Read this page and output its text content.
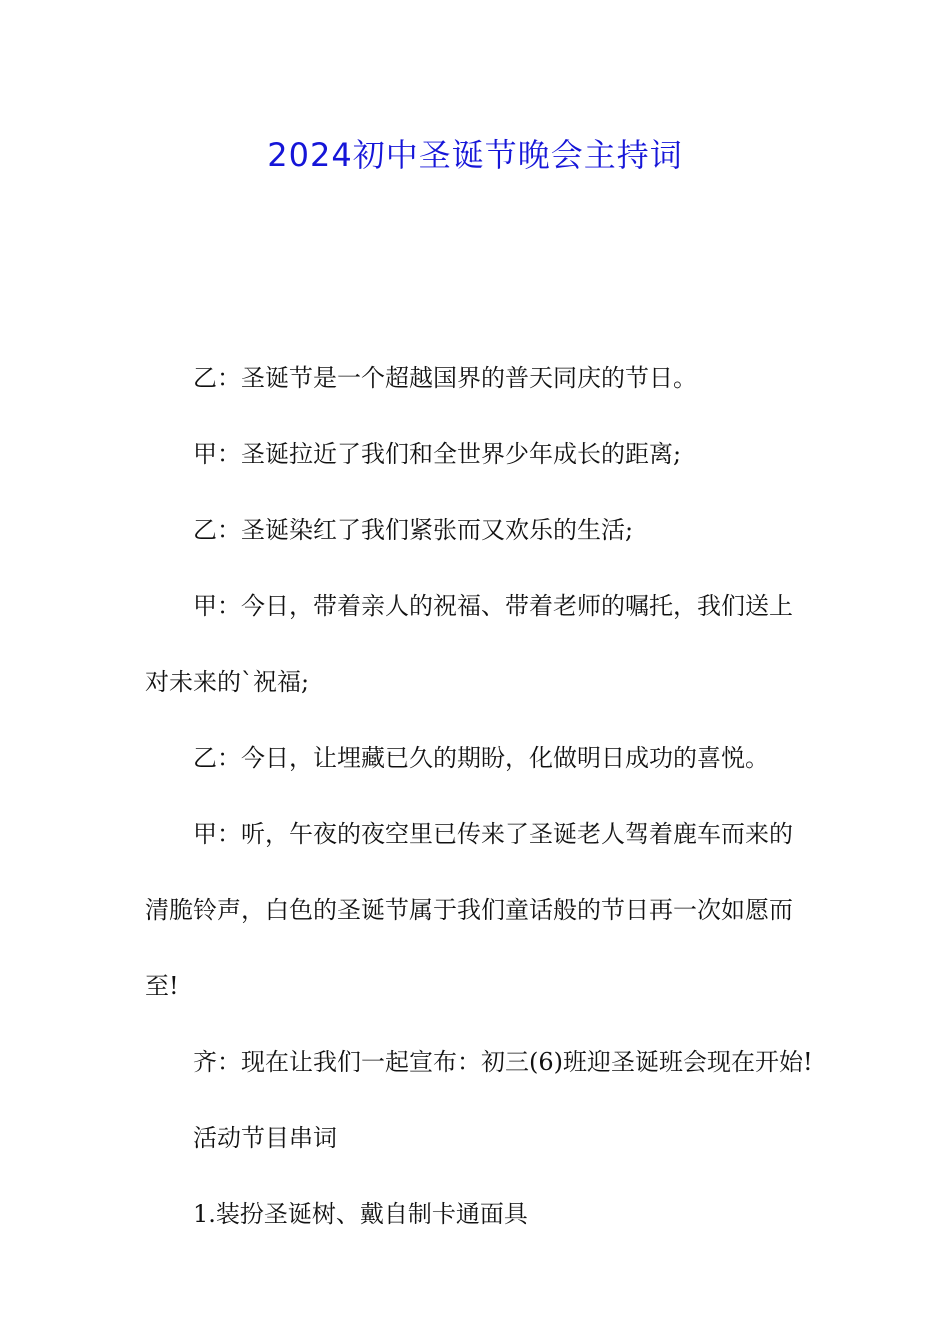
2024初中圣诞节晚会主持词

乙：圣诞节是一个超越国界的普天同庆的节日。

甲：圣诞拉近了我们和全世界少年成长的距离;

乙：圣诞染红了我们紧张而又欢乐的生活;

甲：今日，带着亲人的祝福、带着老师的嘱托，我们送上对未来的`祝福;

乙：今日，让埋藏已久的期盼，化做明日成功的喜悦。

甲：听，午夜的夜空里已传来了圣诞老人驾着鹿车而来的清脆铃声，白色的圣诞节属于我们童话般的节日再一次如愿而至!

齐：现在让我们一起宣布：初三(6)班迎圣诞班会现在开始!

活动节目串词

1.装扮圣诞树、戴自制卡通面具
